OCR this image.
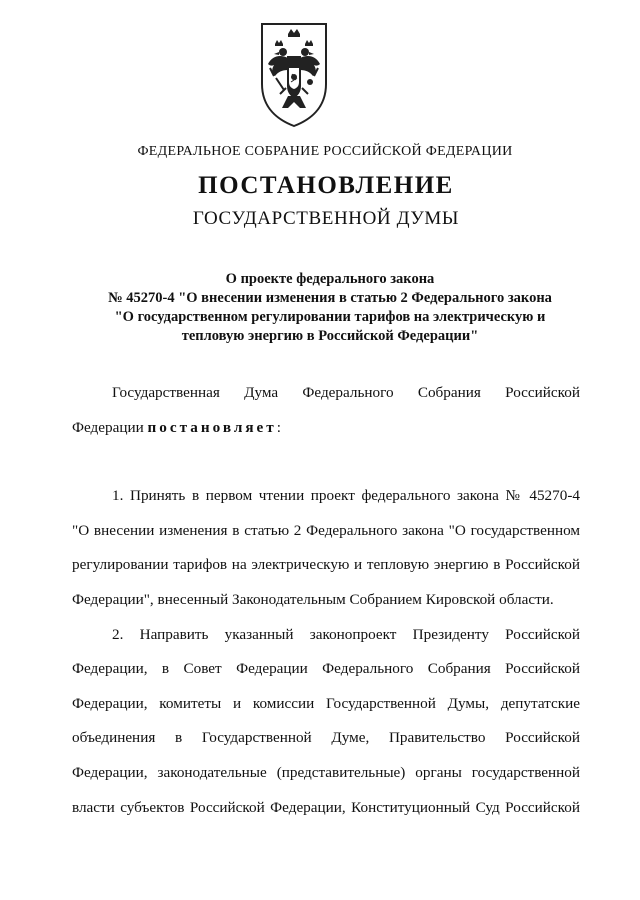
ФЕДЕРАЛЬНОЕ СОБРАНИЕ РОССИЙСКОЙ ФЕДЕРАЦИИ
ПОСТАНОВЛЕНИЕ
ГОСУДАРСТВЕННОЙ ДУМЫ
О проекте федерального закона
№ 45270-4 "О внесении изменения в статью 2 Федерального закона
"О государственном регулировании тарифов на электрическую и
тепловую энергию в Российской Федерации"
Государственная Дума Федерального Собрания Российской
Федерации постановляет:
1. Принять в первом чтении проект федерального закона № 45270-4
"О внесении изменения в статью 2 Федерального закона "О государственном
регулировании тарифов на электрическую и тепловую энергию в Российской
Федерации", внесенный Законодательным Собранием Кировской области.
2. Направить указанный законопроект Президенту Российской
Федерации, в Совет Федерации Федерального Собрания Российской
Федерации, комитеты и комиссии Государственной Думы, депутатские
объединения в Государственной Думе, Правительство Российской
Федерации, законодательные (представительные) органы государственной
власти субъектов Российской Федерации, Конституционный Суд Российской
